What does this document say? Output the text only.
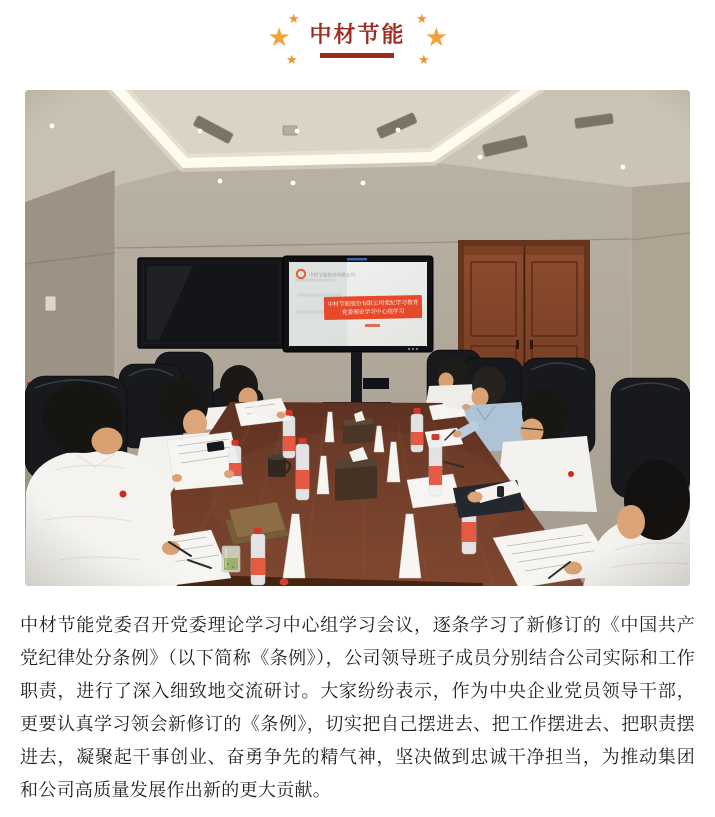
★
★
★
中材节能
★
★
★

中材节能党委召开党委理论学习中心组学习会议，逐条学习了新修订的《中国共产党纪律处分条例》（以下简称《条例》），公司领导班子成员分别结合公司实际和工作职责，进行了深入细致地交流研讨。大家纷纷表示，作为中央企业党员领导干部，更要认真学习领会新修订的《条例》，切实把自己摆进去、把工作摆进去、把职责摆进去，凝聚起干事创业、奋勇争先的精气神，坚决做到忠诚干净担当，为推动集团和公司高质量发展作出新的更大贡献。
